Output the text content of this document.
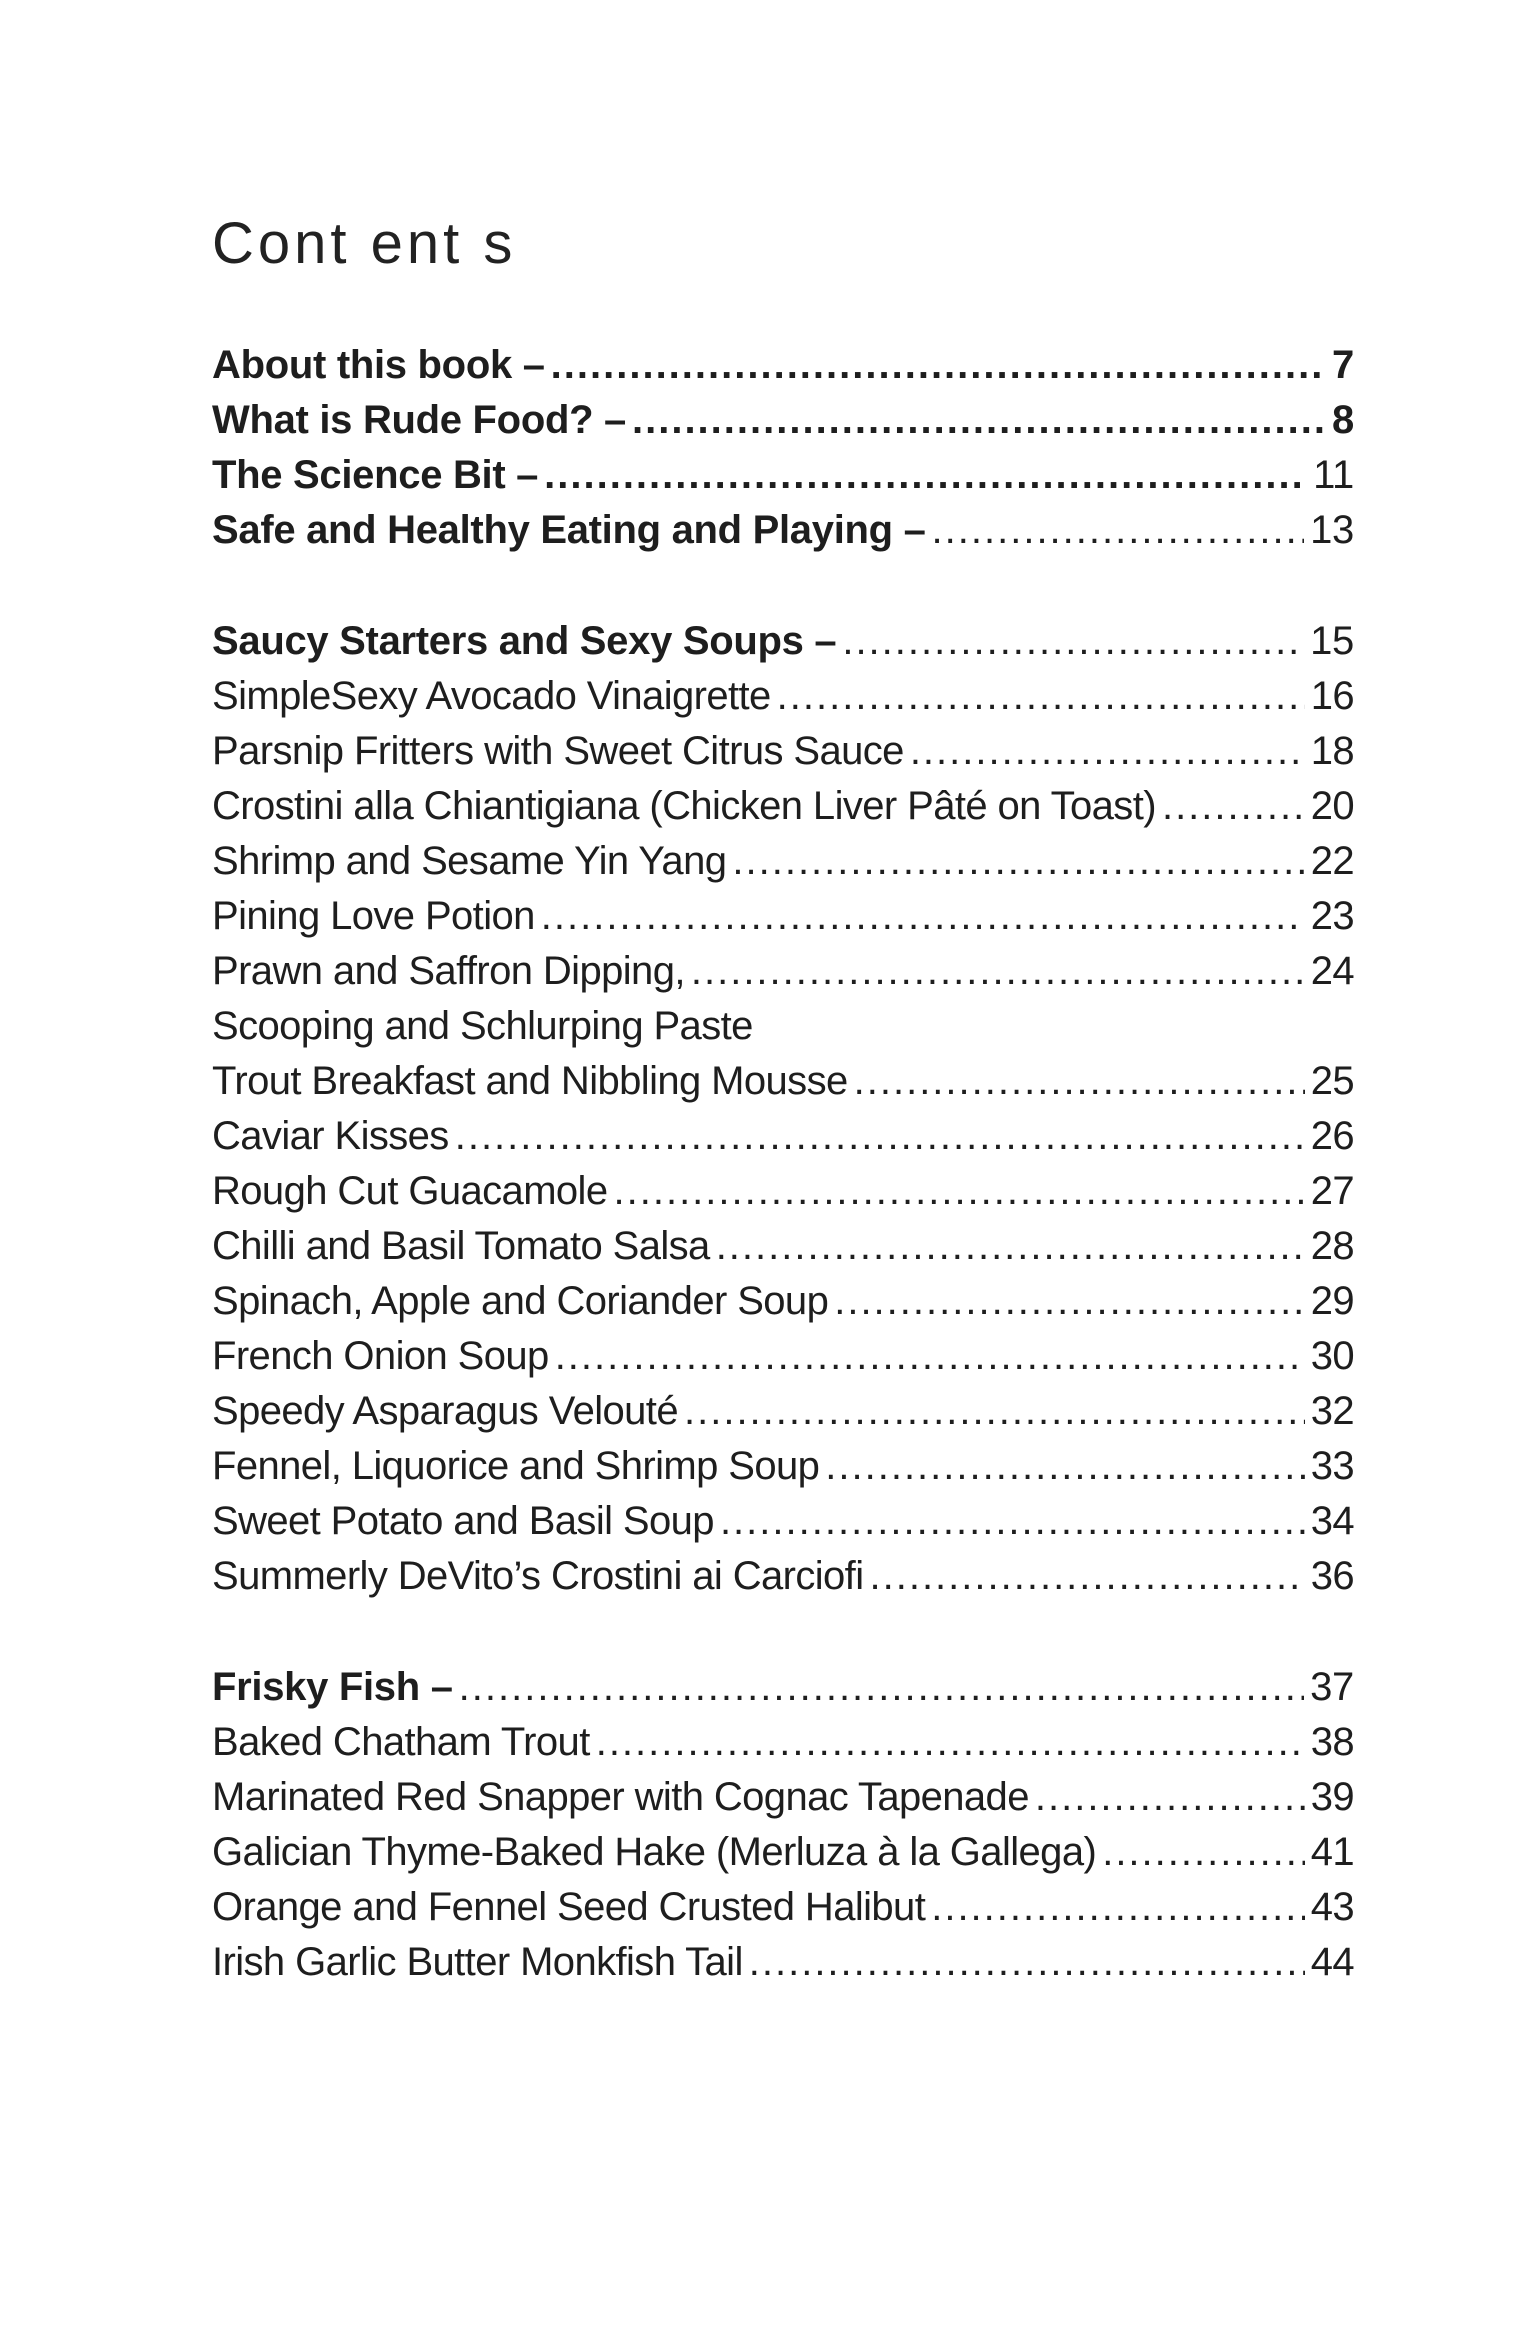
Cont ent s
About this book – .....	7
What is Rude Food? – .....	8
The Science Bit – .....	11
Safe and Healthy Eating and Playing – .....	13
Saucy Starters and Sexy Soups – .....	15
SimpleSexy Avocado Vinaigrette .....	16
Parsnip Fritters with Sweet Citrus Sauce .....	18
Crostini alla Chiantigiana (Chicken Liver Pâté on Toast) .....	20
Shrimp and Sesame Yin Yang .....	22
Pining Love Potion .....	23
Prawn and Saffron Dipping, .....	24
Scooping and Schlurping Paste
Trout Breakfast and Nibbling Mousse .....	25
Caviar Kisses .....	26
Rough Cut Guacamole .....	27
Chilli and Basil Tomato Salsa .....	28
Spinach, Apple and Coriander Soup .....	29
French Onion Soup .....	30
Speedy Asparagus Velouté .....	32
Fennel, Liquorice and Shrimp Soup .....	33
Sweet Potato and Basil Soup .....	34
Summerly DeVito’s Crostini ai Carciofi .....	36
Frisky Fish – .....	37
Baked Chatham Trout .....	38
Marinated Red Snapper with Cognac Tapenade .....	39
Galician Thyme-Baked Hake (Merluza à la Gallega) .....	41
Orange and Fennel Seed Crusted Halibut .....	43
Irish Garlic Butter Monkfish Tail .....	44
